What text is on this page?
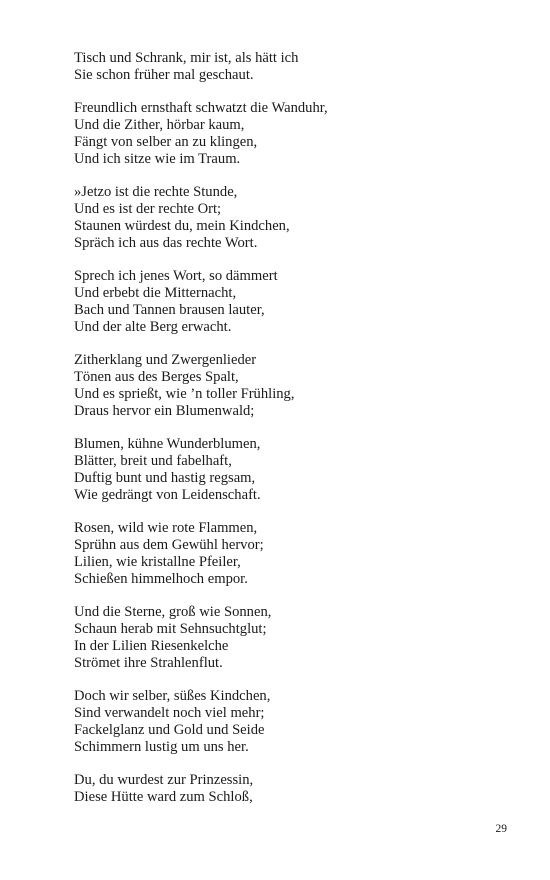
Tisch und Schrank, mir ist, als hätt ich
Sie schon früher mal geschaut.
Freundlich ernsthaft schwatzt die Wanduhr,
Und die Zither, hörbar kaum,
Fängt von selber an zu klingen,
Und ich sitze wie im Traum.
»Jetzo ist die rechte Stunde,
Und es ist der rechte Ort;
Staunen würdest du, mein Kindchen,
Spräch ich aus das rechte Wort.
Sprech ich jenes Wort, so dämmert
Und erbebt die Mitternacht,
Bach und Tannen brausen lauter,
Und der alte Berg erwacht.
Zitherklang und Zwergenlieder
Tönen aus des Berges Spalt,
Und es sprießt, wie ’n toller Frühling,
Draus hervor ein Blumenwald;
Blumen, kühne Wunderblumen,
Blätter, breit und fabelhaft,
Duftig bunt und hastig regsam,
Wie gedrängt von Leidenschaft.
Rosen, wild wie rote Flammen,
Sprühn aus dem Gewühl hervor;
Lilien, wie kristallne Pfeiler,
Schießen himmelhoch empor.
Und die Sterne, groß wie Sonnen,
Schaun herab mit Sehnsuchtglut;
In der Lilien Riesenkelche
Strömet ihre Strahlenflut.
Doch wir selber, süßes Kindchen,
Sind verwandelt noch viel mehr;
Fackelglanz und Gold und Seide
Schimmern lustig um uns her.
Du, du wurdest zur Prinzessin,
Diese Hütte ward zum Schloß,
29
